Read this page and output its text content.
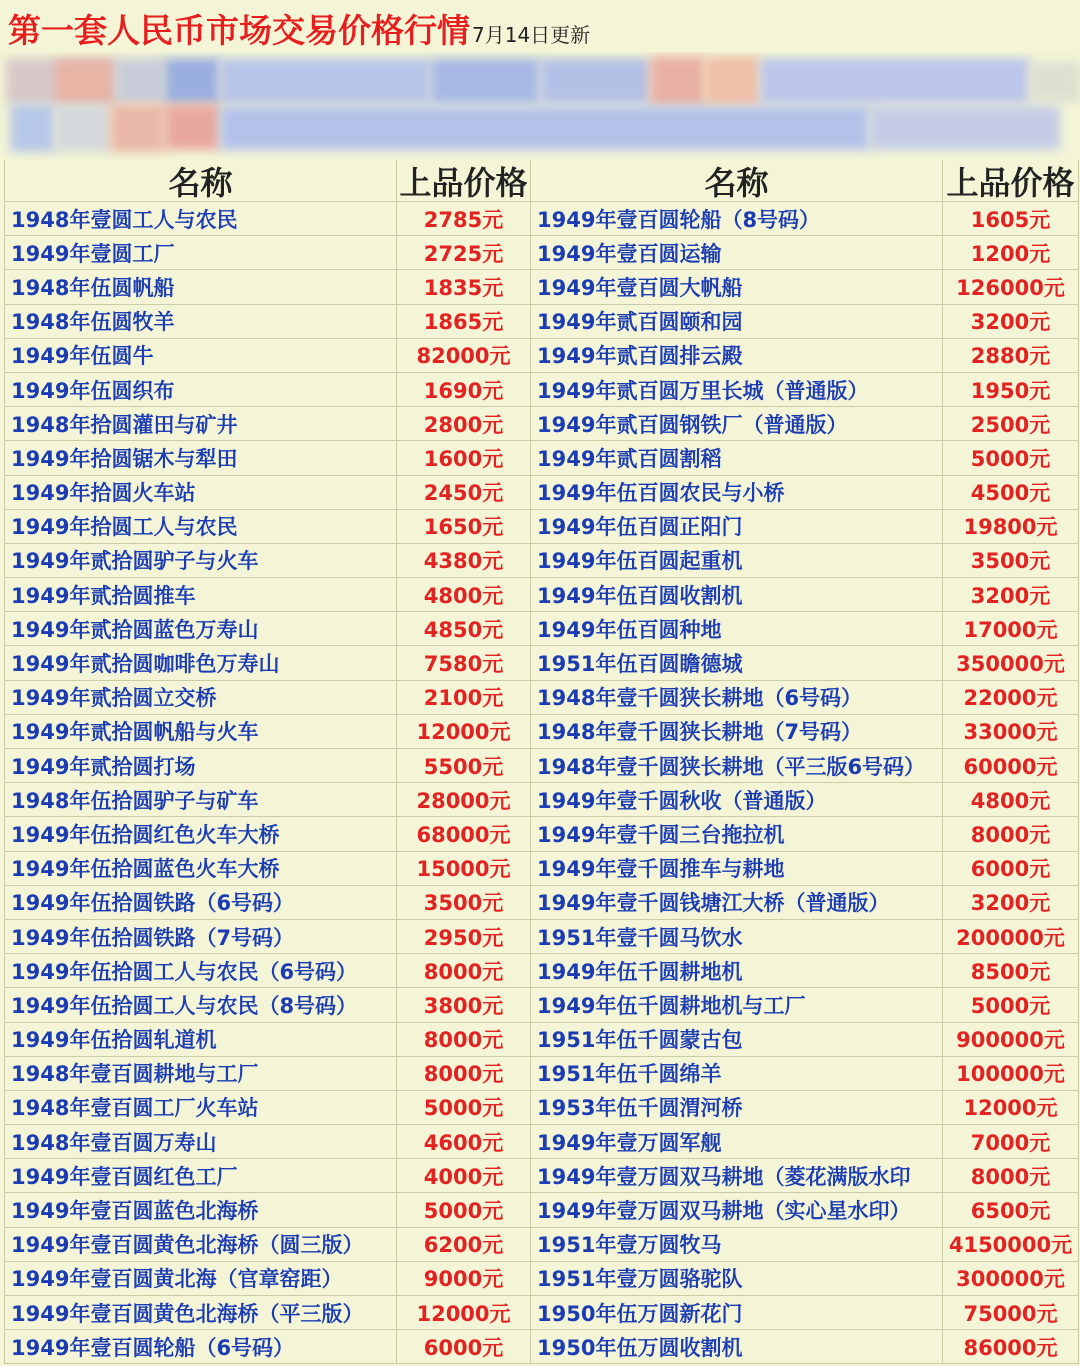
第一套人民币市场交易价格行情 7月14日更新
名称	上品价格	名称	上品价格
1948年壹圆工人与农民	2785元	1949年壹百圆轮船（8号码）	1605元
1949年壹圆工厂	2725元	1949年壹百圆运输	1200元
1948年伍圆帆船	1835元	1949年壹百圆大帆船	126000元
1948年伍圆牧羊	1865元	1949年贰百圆颐和园	3200元
1949年伍圆牛	82000元	1949年贰百圆排云殿	2880元
1949年伍圆织布	1690元	1949年贰百圆万里长城（普通版）	1950元
1948年拾圆灌田与矿井	2800元	1949年贰百圆钢铁厂（普通版）	2500元
1949年拾圆锯木与犁田	1600元	1949年贰百圆割稻	5000元
1949年拾圆火车站	2450元	1949年伍百圆农民与小桥	4500元
1949年拾圆工人与农民	1650元	1949年伍百圆正阳门	19800元
1949年贰拾圆驴子与火车	4380元	1949年伍百圆起重机	3500元
1949年贰拾圆推车	4800元	1949年伍百圆收割机	3200元
1949年贰拾圆蓝色万寿山	4850元	1949年伍百圆种地	17000元
1949年贰拾圆咖啡色万寿山	7580元	1951年伍百圆瞻德城	350000元
1949年贰拾圆立交桥	2100元	1948年壹千圆狭长耕地（6号码）	22000元
1949年贰拾圆帆船与火车	12000元	1948年壹千圆狭长耕地（7号码）	33000元
1949年贰拾圆打场	5500元	1948年壹千圆狭长耕地（平三版6号码）	60000元
1948年伍拾圆驴子与矿车	28000元	1949年壹千圆秋收（普通版）	4800元
1949年伍拾圆红色火车大桥	68000元	1949年壹千圆三台拖拉机	8000元
1949年伍拾圆蓝色火车大桥	15000元	1949年壹千圆推车与耕地	6000元
1949年伍拾圆铁路（6号码）	3500元	1949年壹千圆钱塘江大桥（普通版）	3200元
1949年伍拾圆铁路（7号码）	2950元	1951年壹千圆马饮水	200000元
1949年伍拾圆工人与农民（6号码）	8000元	1949年伍千圆耕地机	8500元
1949年伍拾圆工人与农民（8号码）	3800元	1949年伍千圆耕地机与工厂	5000元
1949年伍拾圆轧道机	8000元	1951年伍千圆蒙古包	900000元
1948年壹百圆耕地与工厂	8000元	1951年伍千圆绵羊	100000元
1948年壹百圆工厂火车站	5000元	1953年伍千圆渭河桥	12000元
1948年壹百圆万寿山	4600元	1949年壹万圆军舰	7000元
1949年壹百圆红色工厂	4000元	1949年壹万圆双马耕地（菱花满版水印	8000元
1949年壹百圆蓝色北海桥	5000元	1949年壹万圆双马耕地（实心星水印）	6500元
1949年壹百圆黄色北海桥（圆三版）	6200元	1951年壹万圆牧马	4150000元
1949年壹百圆黄北海（官章窑距）	9000元	1951年壹万圆骆驼队	300000元
1949年壹百圆黄色北海桥（平三版）	12000元	1950年伍万圆新花门	75000元
1949年壹百圆轮船（6号码）	6000元	1950年伍万圆收割机	86000元
